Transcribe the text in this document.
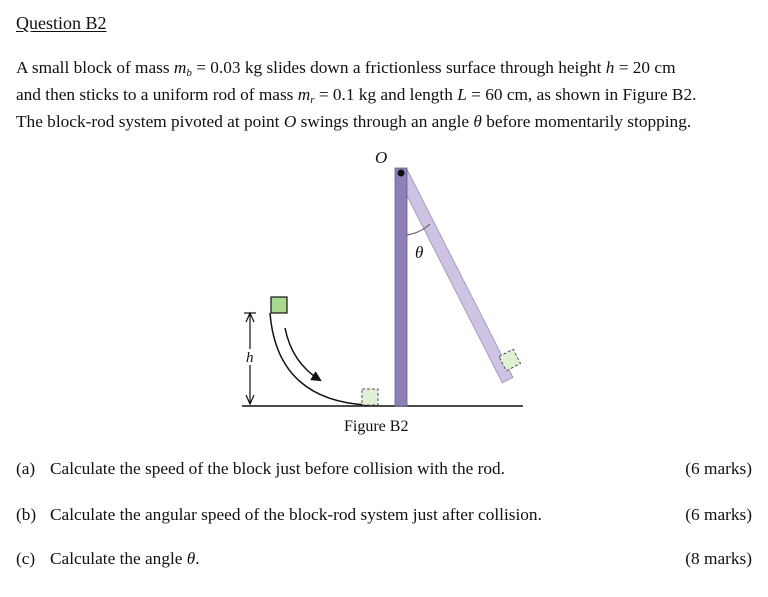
Question B2
A small block of mass $m_b = 0.03$ kg slides down a frictionless surface through height h = 20 cm
and then sticks to a uniform rod of mass $m_r = 0.1$ kg and length L = 60 cm, as shown in Figure B2.
The block-rod system pivoted at point O swings through an angle θ before momentarily stopping.
O
θ
h
Figure B2
(a) Calculate the speed of the block just before collision with the rod.	(6 marks)
(b) Calculate the angular speed of the block-rod system just after collision.	(6 marks)
(c) Calculate the angle θ.	(8 marks)
